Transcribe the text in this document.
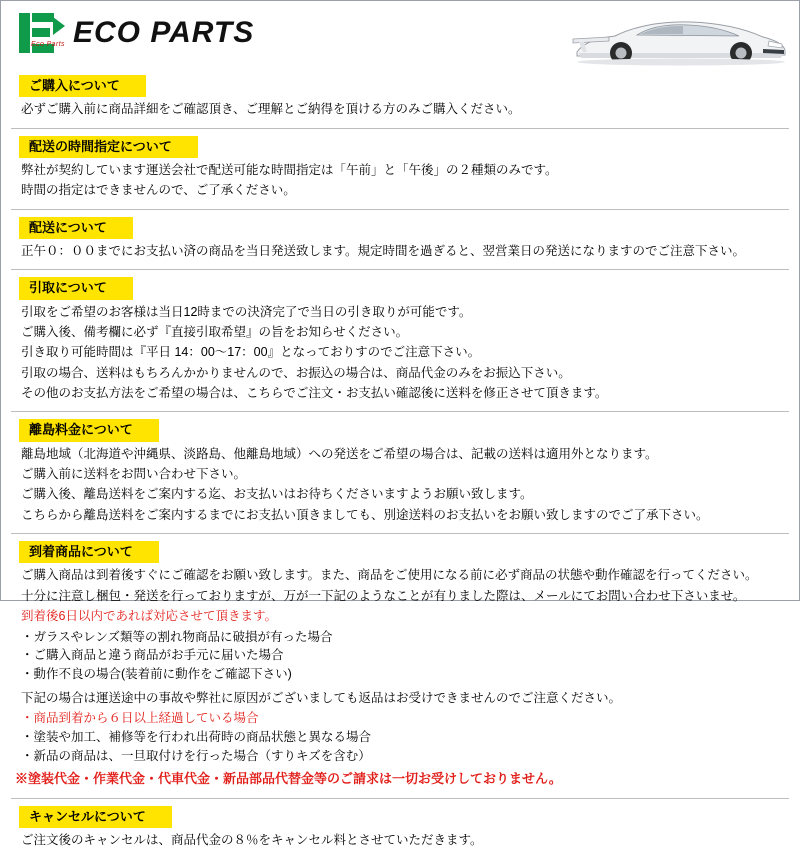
Eco Parts ECO PARTS
ご購入について

必ずご購入前に商品詳細をご確認頂き、ご理解とご納得を頂ける方のみご購入ください。

配送の時間指定について

弊社が契約しています運送会社で配送可能な時間指定は「午前」と「午後」の２種類のみです。

時間の指定はできませんので、ご了承ください。

配送について

正午０：００までにお支払い済の商品を当日発送致します。規定時間を過ぎると、翌営業日の発送になりますのでご注意下さい。

引取について

引取をご希望のお客様は当日12時までの決済完了で当日の引き取りが可能です。

ご購入後、備考欄に必ず『直接引取希望』の旨をお知らせください。

引き取り可能時間は『平日 14：00〜17：00』となっておりすのでご注意下さい。

引取の場合、送料はもちろんかかりませんので、お振込の場合は、商品代金のみをお振込下さい。

その他のお支払方法をご希望の場合は、こちらでご注文・お支払い確認後に送料を修正させて頂きます。

離島料金について

離島地域（北海道や沖縄県、淡路島、他離島地域）への発送をご希望の場合は、記載の送料は適用外となります。

ご購入前に送料をお問い合わせ下さい。

ご購入後、離島送料をご案内する迄、お支払いはお待ちくださいますようお願い致します。

こちらから離島送料をご案内するまでにお支払い頂きましても、別途送料のお支払いをお願い致しますのでご了承下さい。

到着商品について

ご購入商品は到着後すぐにご確認をお願い致します。また、商品をご使用になる前に必ず商品の状態や動作確認を行ってください。

十分に注意し梱包・発送を行っておりますが、万が一下記のようなことが有りました際は、メールにてお問い合わせ下さいませ。

到着後6日以内であれば対応させて頂きます。

・ ガラスやレンズ類等の割れ物商品に破損が有った場合
・ ご購入商品と違う商品がお手元に届いた場合
・ 動作不良の場合(装着前に動作をご確認下さい)

下記の場合は運送途中の事故や弊社に原因がございましても返品はお受けできませんのでご注意ください。

・ 商品到着から６日以上経過している場合
・ 塗装や加工、補修等を行われ出荷時の商品状態と異なる場合
・ 新品の商品は、一旦取付けを行った場合（すりキズを含む）
※塗装代金・作業代金・代車代金・新品部品代替金等のご請求は一切お受けしておりません。
キャンセルについて

ご注文後のキャンセルは、商品代金の８％をキャンセル料とさせていただきます。
